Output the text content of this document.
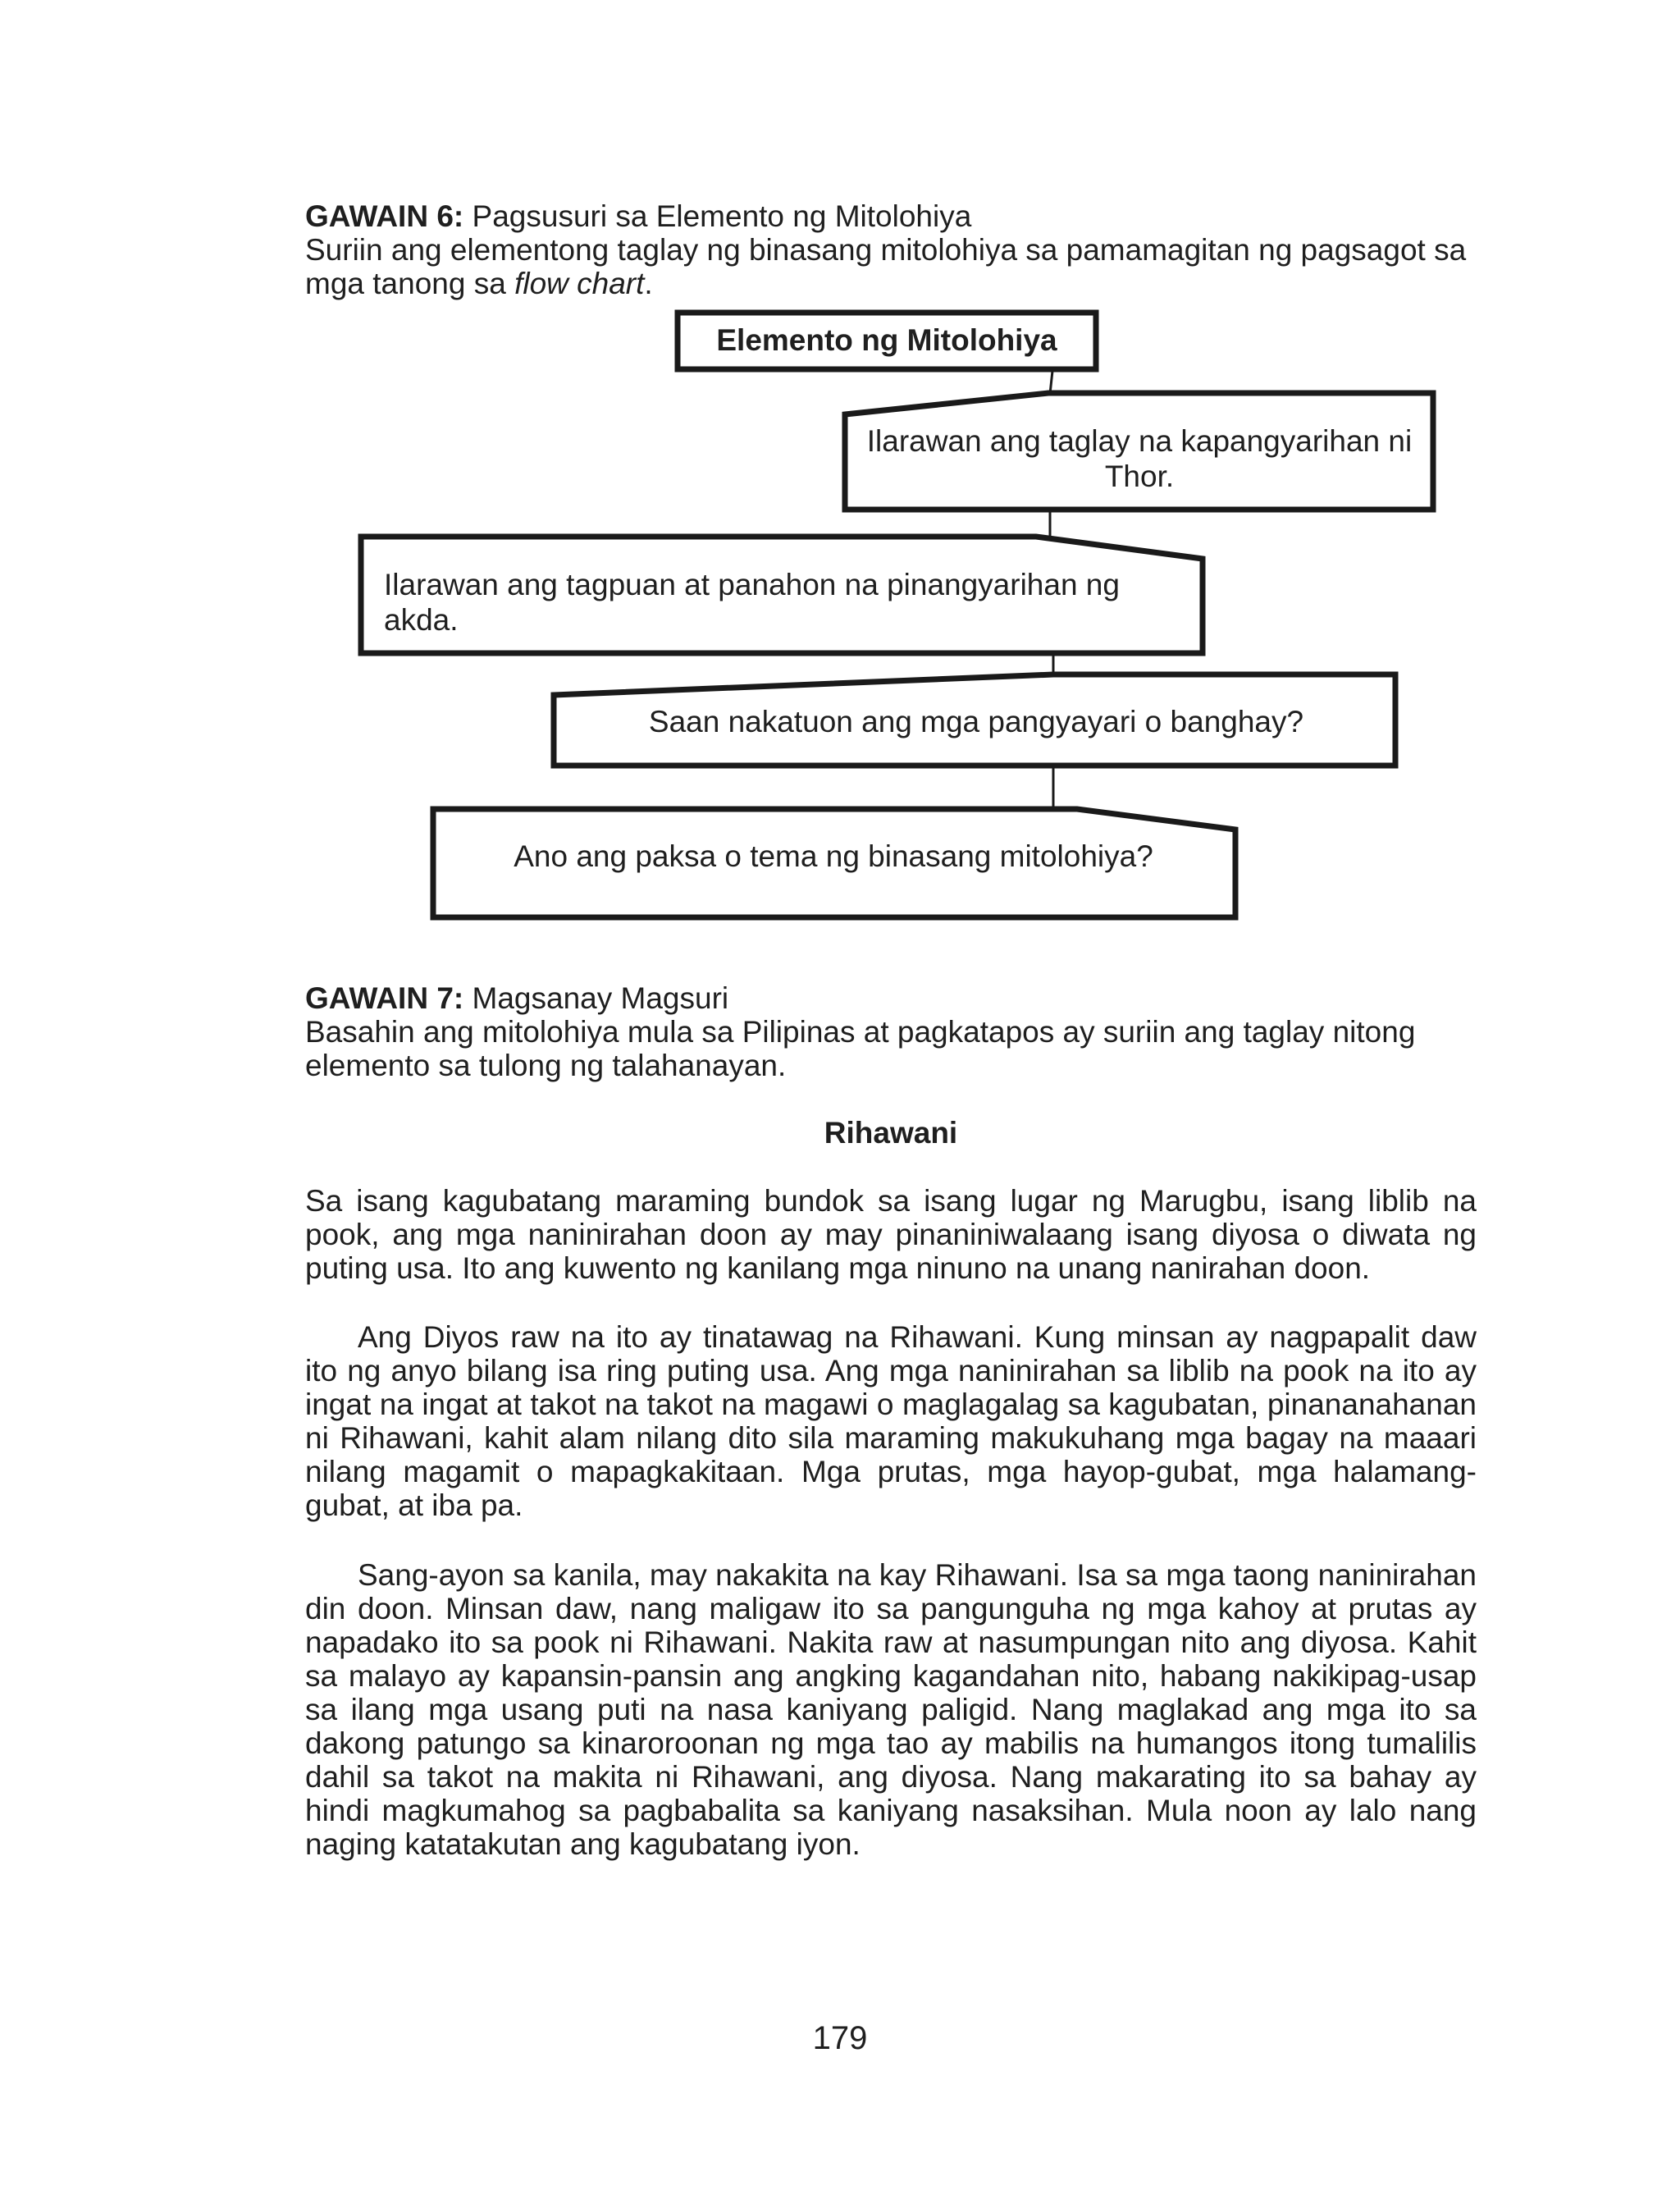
GAWAIN 6: Pagsusuri sa Elemento ng Mitolohiya

Suriin ang elementong taglay ng binasang mitolohiya sa pamamagitan ng pagsagot sa mga tanong sa flow chart.

Elemento ng Mitolohiya
Ilarawan ang taglay na kapangyarihan ni Thor.
Ilarawan ang tagpuan at panahon na pinangyarihan ng akda.
Saan nakatuon ang mga pangyayari o banghay?
Ano ang paksa o tema ng binasang mitolohiya?

GAWAIN 7: Magsanay Magsuri

Basahin ang mitolohiya mula sa Pilipinas at pagkatapos ay suriin ang taglay nitong elemento sa tulong ng talahanayan.

Rihawani
Sa isang kagubatang maraming bundok sa isang lugar ng Marugbu, isang liblib na pook, ang mga naninirahan doon ay may pinaniniwalaang isang diyosa o diwata ng puting usa. Ito ang kuwento ng kanilang mga ninuno na unang nanirahan doon.
Ang Diyos raw na ito ay tinatawag na Rihawani. Kung minsan ay nagpapalit daw ito ng anyo bilang isa ring puting usa. Ang mga naninirahan sa liblib na pook na ito ay ingat na ingat at takot na takot na magawi o maglagalag sa kagubatan, pinananahanan ni Rihawani, kahit alam nilang dito sila maraming makukuhang mga bagay na maaari nilang magamit o mapagkakitaan. Mga prutas, mga hayop-gubat, mga halamang-gubat, at iba pa.
Sang-ayon sa kanila, may nakakita na kay Rihawani. Isa sa mga taong naninirahan din doon. Minsan daw, nang maligaw ito sa pangunguha ng mga kahoy at prutas ay napadako ito sa pook ni Rihawani. Nakita raw at nasumpungan nito ang diyosa. Kahit sa malayo ay kapansin-pansin ang angking kagandahan nito, habang nakikipag-usap sa ilang mga usang puti na nasa kaniyang paligid. Nang maglakad ang mga ito sa dakong patungo sa kinaroroonan ng mga tao ay mabilis na humangos itong tumalilis dahil sa takot na makita ni Rihawani, ang diyosa. Nang makarating ito sa bahay ay hindi magkumahog sa pagbabalita sa kaniyang nasaksihan. Mula noon ay lalo nang naging katatakutan ang kagubatang iyon.
179
